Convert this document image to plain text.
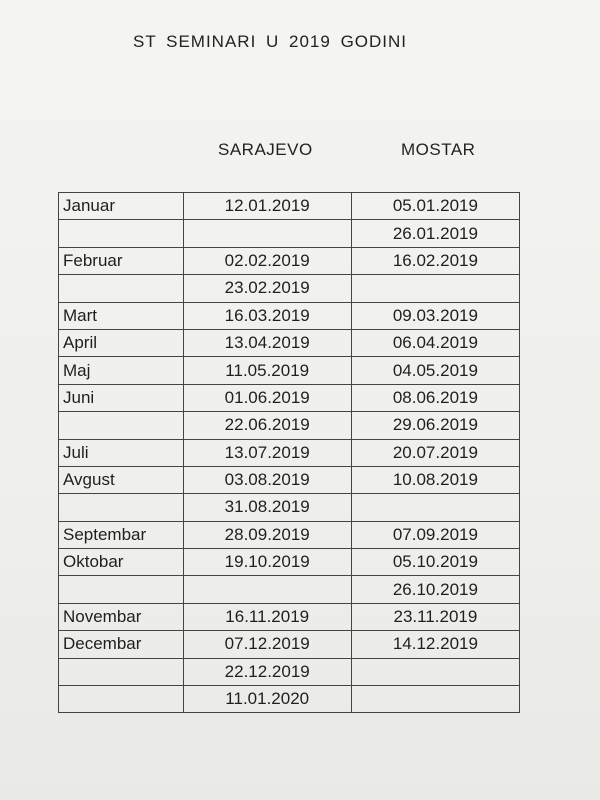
ST SEMINARI U 2019 GODINI
SARAJEVO	MOSTAR
Januar	12.01.2019	05.01.2019
		26.01.2019
Februar	02.02.2019	16.02.2019
	23.02.2019	
Mart	16.03.2019	09.03.2019
April	13.04.2019	06.04.2019
Maj	11.05.2019	04.05.2019
Juni	01.06.2019	08.06.2019
	22.06.2019	29.06.2019
Juli	13.07.2019	20.07.2019
Avgust	03.08.2019	10.08.2019
	31.08.2019	
Septembar	28.09.2019	07.09.2019
Oktobar	19.10.2019	05.10.2019
		26.10.2019
Novembar	16.11.2019	23.11.2019
Decembar	07.12.2019	14.12.2019
	22.12.2019	
	11.01.2020	
